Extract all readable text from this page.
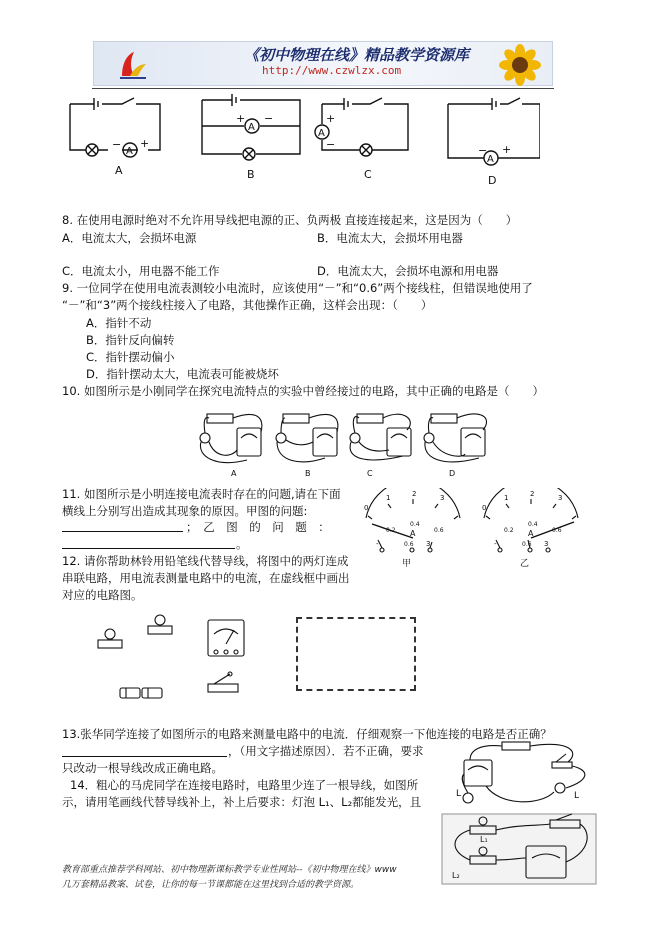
《初中物理在线》精品教学资源库
http://www.czwlzx.com
A
− +
A
A
+ −
B
A
+
−
C
A
− +
D
8. 在使用电源时绝对不允许用导线把电源的正、负两极 直接连接起来，这是因为（　　）
A．电流太大，会损坏电源	B．电流太大，会损坏用电器
C．电流太小，用电器不能工作	D．电流太大，会损坏电源和用电器
9. 一位同学在使用电流表测较小电流时，应该使用“－”和“0.6”两个接线柱，但错误地使用了
“－”和“3”两个接线柱接入了电路，其他操作正确，这样会出现：（　　）
A．指针不动
B．指针反向偏转
C．指针摆动偏小
D．指针摆动太大，电流表可能被烧坏
10. 如图所示是小刚同学在探究电流特点的实验中曾经接过的电路，其中正确的电路是（　　）
A	B	C	D
11. 如图所示是小明连接电流表时存在的问题,请在下面
横线上分别写出造成其现象的原因。甲图的问题:
；　乙　图　的　问　题　：
。
0
1	2	3
0.2
0.4
0.6
A
-	0.6 3
甲
0
1	2	3
0.2
0.4
0.6
A
-	0.6 3
乙
12. 请你帮助林铃用铅笔线代替导线，将图中的两灯连成
串联电路，用电流表测量电路中的电流，在虚线框中画出
对应的电路图。
13.张华同学连接了如图所示的电路来测量电路中的电流．仔细观察一下他连接的电路是否正确？
，（用文字描述原因）．若不正确，要求
只改动一根导线改成正确电路。
L	L
14．粗心的马虎同学在连接电路时，电路里少连了一根导线，如图所
示，请用笔画线代替导线补上，补上后要求：灯泡 L₁、L₂都能发光，且
L₁
L₂
教育部重点推荐学科网站、初中物理新课标教学专业性网站--《初中物理在线》www
几万套精品教案、试卷，让你的每一节课都能在这里找到合适的教学资源。
